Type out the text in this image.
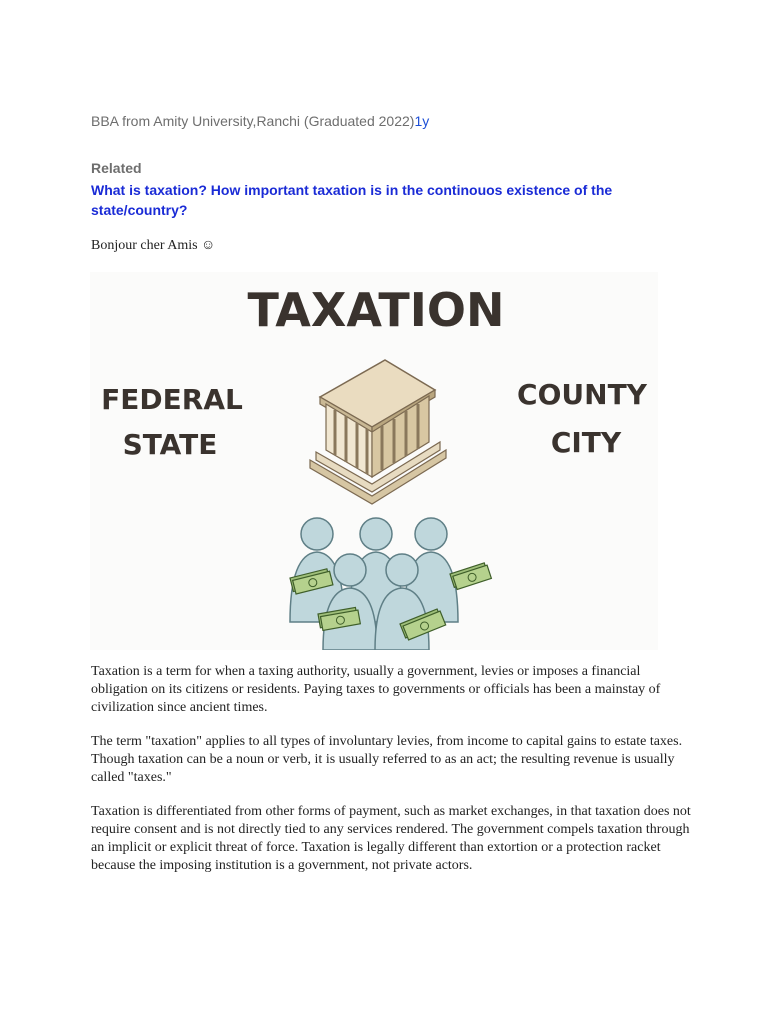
BBA from Amity University,Ranchi (Graduated 2022)1y
Related
What is taxation? How important taxation is in the continouos existence of the state/country?
Bonjour cher Amis ☺
TAXATION
FEDERAL
STATE
COUNTY
CITY

Taxation is a term for when a taxing authority, usually a government, levies or imposes a financial obligation on its citizens or residents. Paying taxes to governments or officials has been a mainstay of civilization since ancient times.

The term "taxation" applies to all types of involuntary levies, from income to capital gains to estate taxes. Though taxation can be a noun or verb, it is usually referred to as an act; the resulting revenue is usually called "taxes."

Taxation is differentiated from other forms of payment, such as market exchanges, in that taxation does not require consent and is not directly tied to any services rendered. The government compels taxation through an implicit or explicit threat of force. Taxation is legally different than extortion or a protection racket because the imposing institution is a government, not private actors.
